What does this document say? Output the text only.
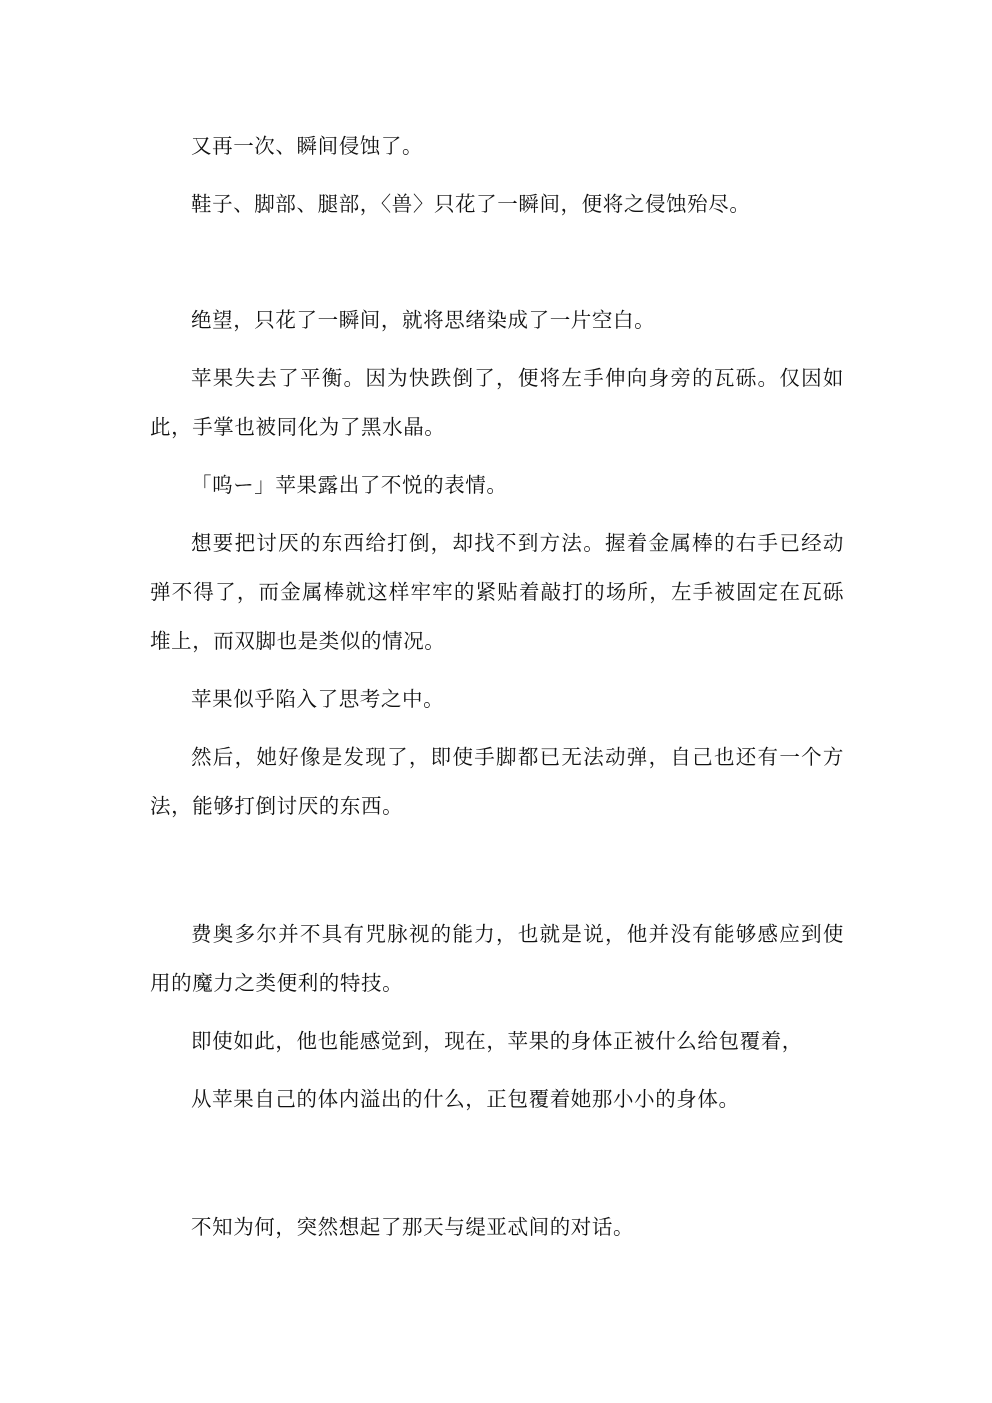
又再一次、瞬间侵蚀了。

鞋子、脚部、腿部，〈兽〉只花了一瞬间，便将之侵蚀殆尽。

绝望，只花了一瞬间，就将思绪染成了一片空白。

苹果失去了平衡。因为快跌倒了，便将左手伸向身旁的瓦砾。仅因如此，手掌也被同化为了黑水晶。

「呜ー」苹果露出了不悦的表情。

想要把讨厌的东西给打倒，却找不到方法。握着金属棒的右手已经动弹不得了，而金属棒就这样牢牢的紧贴着敲打的场所，左手被固定在瓦砾堆上，而双脚也是类似的情况。

苹果似乎陷入了思考之中。

然后，她好像是发现了，即使手脚都已无法动弹，自己也还有一个方法，能够打倒讨厌的东西。

费奥多尔并不具有咒脉视的能力，也就是说，他并没有能够感应到使用的魔力之类便利的特技。

即使如此，他也能感觉到，现在，苹果的身体正被什么给包覆着，

从苹果自己的体内溢出的什么，正包覆着她那小小的身体。

不知为何，突然想起了那天与缇亚忒间的对话。
